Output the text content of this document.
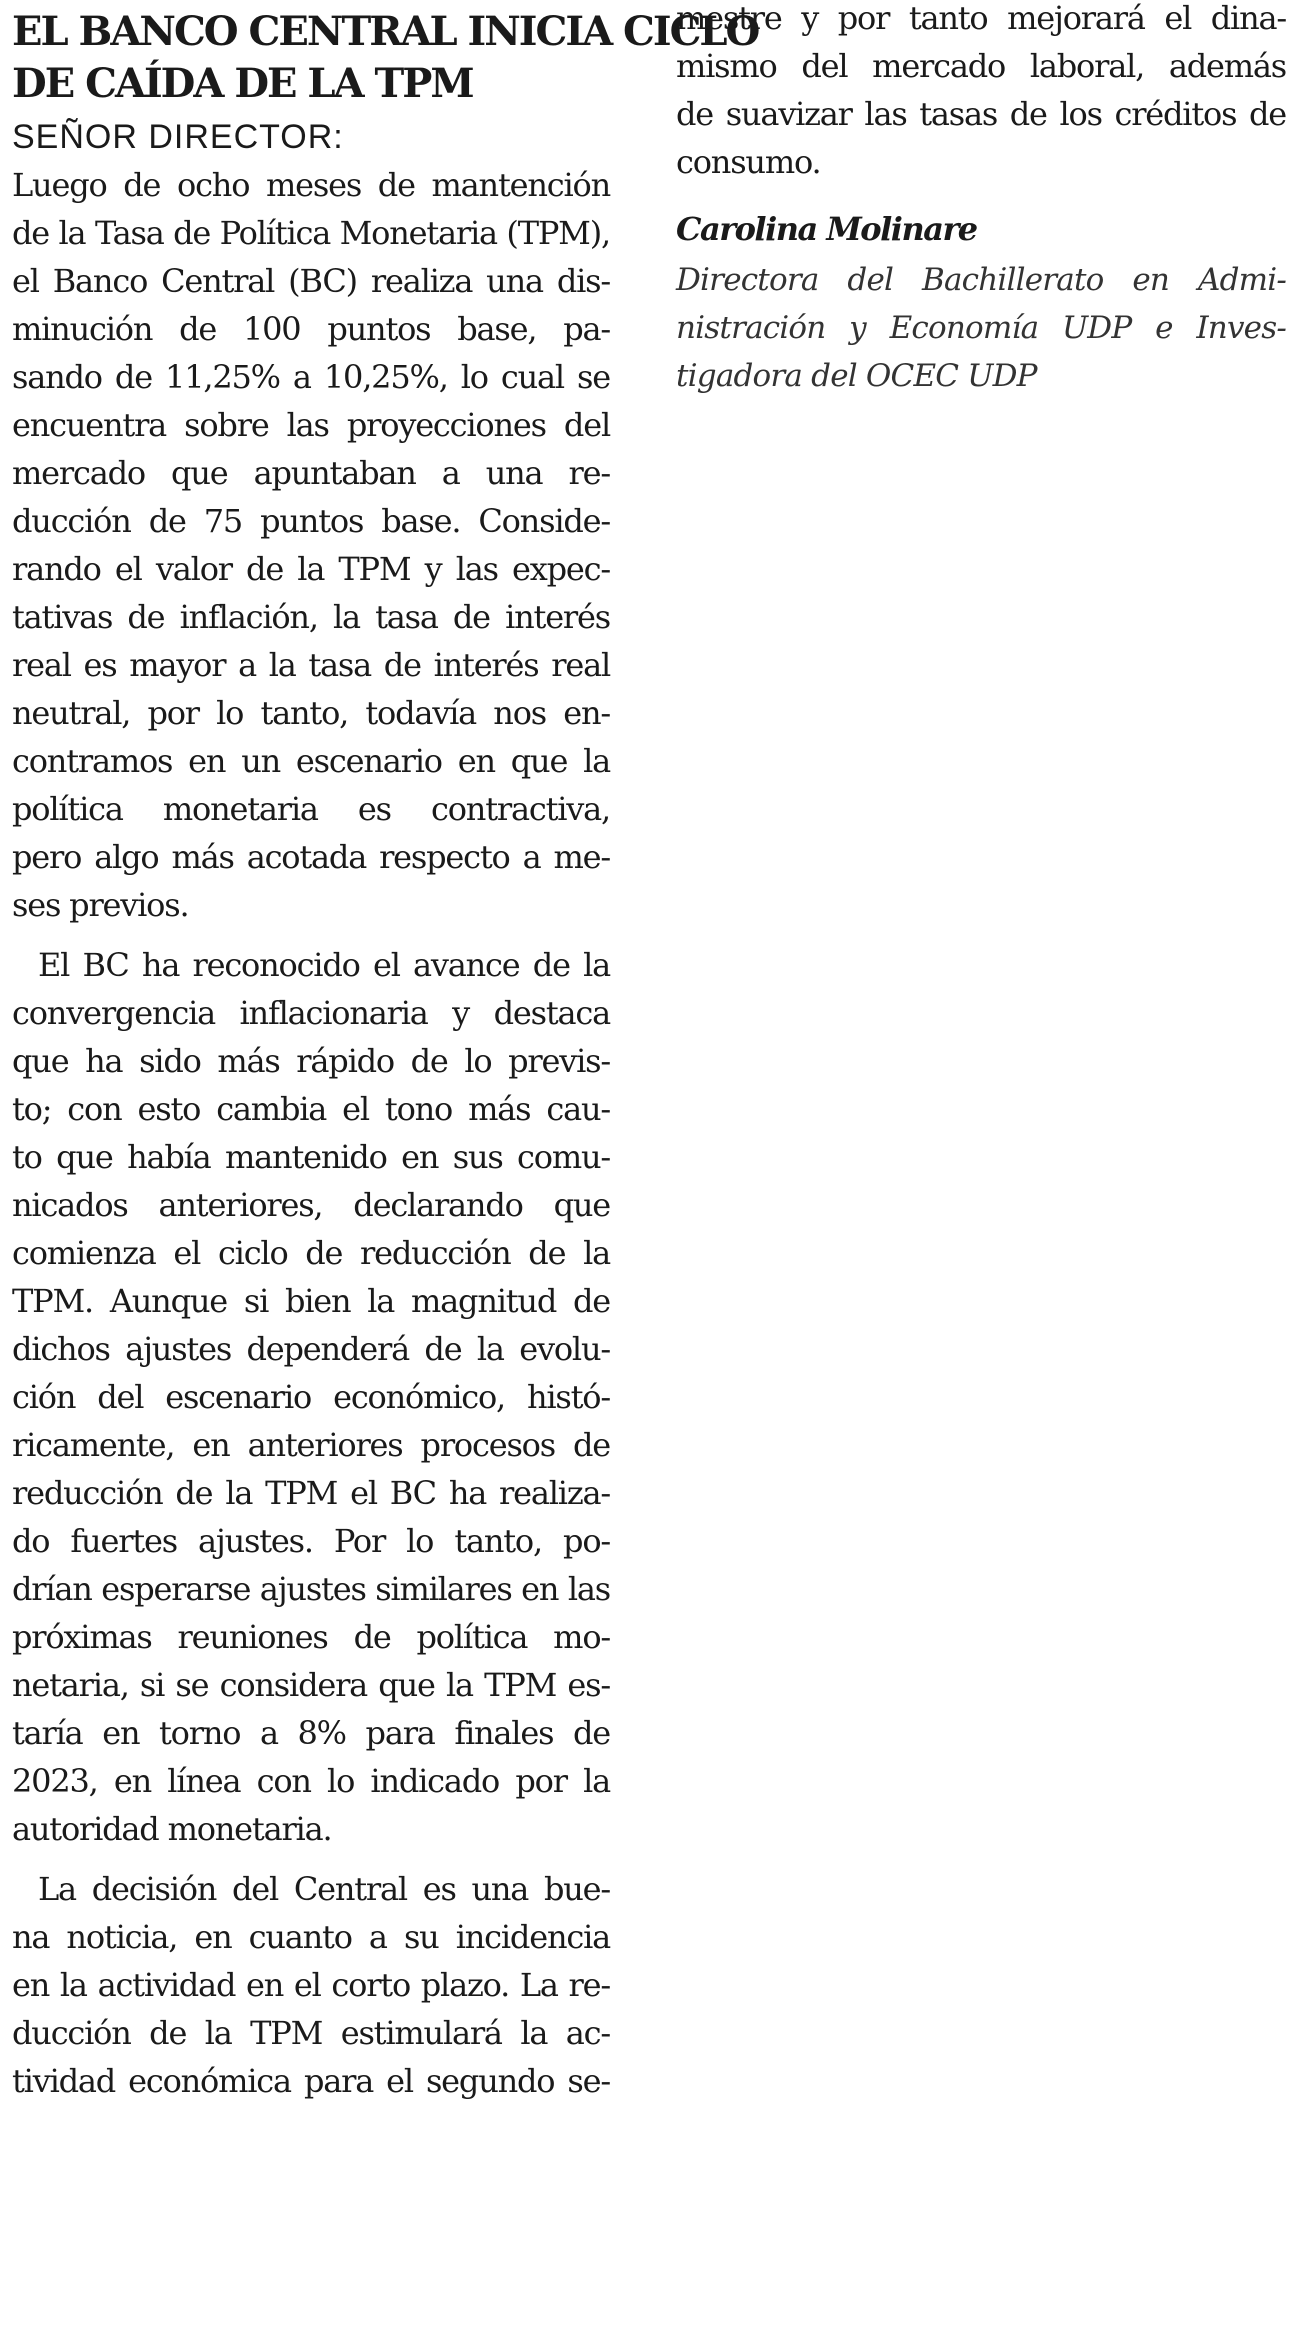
EL BANCO CENTRAL INICIA CICLO
DE CAÍDA DE LA TPM

SEÑOR DIRECTOR:

Luego de ocho meses de mantención
de la Tasa de Política Monetaria (TPM),
el Banco Central (BC) realiza una dis-
minución de 100 puntos base, pa-
sando de 11,25% a 10,25%, lo cual se
encuentra sobre las proyecciones del
mercado que apuntaban a una re-
ducción de 75 puntos base. Conside-
rando el valor de la TPM y las expec-
tativas de inflación, la tasa de interés
real es mayor a la tasa de interés real
neutral, por lo tanto, todavía nos en-
contramos en un escenario en que la
política monetaria es contractiva,
pero algo más acotada respecto a me-
ses previos.
El BC ha reconocido el avance de la
convergencia inflacionaria y destaca
que ha sido más rápido de lo previs-
to; con esto cambia el tono más cau-
to que había mantenido en sus comu-
nicados anteriores, declarando que
comienza el ciclo de reducción de la
TPM. Aunque si bien la magnitud de
dichos ajustes dependerá de la evolu-
ción del escenario económico, histó-
ricamente, en anteriores procesos de
reducción de la TPM el BC ha realiza-
do fuertes ajustes. Por lo tanto, po-
drían esperarse ajustes similares en las
próximas reuniones de política mo-
netaria, si se considera que la TPM es-
taría en torno a 8% para finales de
2023, en línea con lo indicado por la
autoridad monetaria.
La decisión del Central es una bue-
na noticia, en cuanto a su incidencia
en la actividad en el corto plazo. La re-
ducción de la TPM estimulará la ac-
tividad económica para el segundo se-
mestre y por tanto mejorará el dina-
mismo del mercado laboral, además
de suavizar las tasas de los créditos de
consumo.

Carolina Molinare

Directora del Bachillerato en Admi-
nistración y Economía UDP e Inves-
tigadora del OCEC UDP
